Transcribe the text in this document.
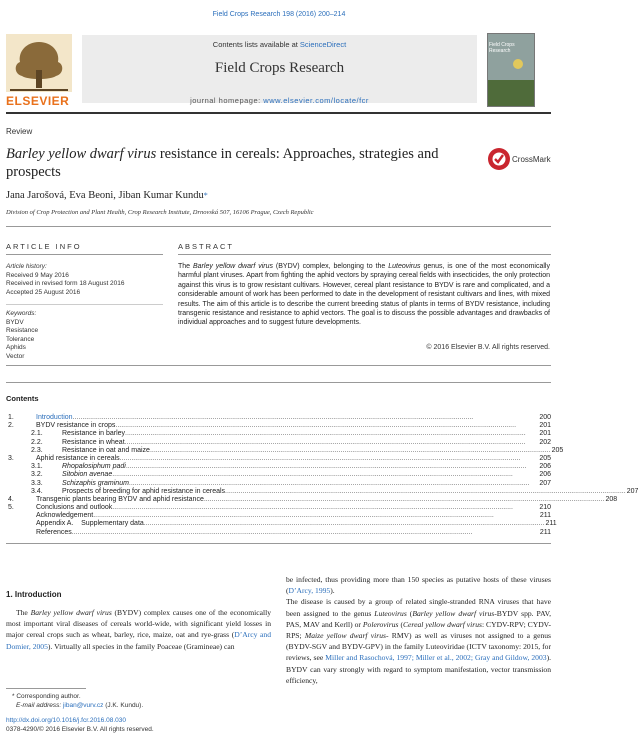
Field Crops Research 198 (2016) 200–214
ELSEVIER
Contents lists available at ScienceDirect
Field Crops Research
journal homepage: www.elsevier.com/locate/fcr
Field Crops Research
Review
Barley yellow dwarf virus resistance in cereals: Approaches, strategies and prospects
CrossMark
Jana Jarošová, Eva Beoni, Jiban Kumar Kundu*
Division of Crop Protection and Plant Health, Crop Research Institute, Drnovská 507, 16106 Prague, Czech Republic
ARTICLE INFO
Article history:
Received 9 May 2016
Received in revised form 18 August 2016
Accepted 25 August 2016
Keywords:
BYDV
Resistance
Tolerance
Aphids
Vector
ABSTRACT
The Barley yellow dwarf virus (BYDV) complex, belonging to the Luteovirus genus, is one of the most economically harmful plant viruses. Apart from fighting the aphid vectors by spraying cereal fields with insecticides, the only protection against this virus is to grow resistant cultivars. However, cereal plant resistance to BYDV is rare and complicated, and a considerable amount of work has been performed to date in the development of resistant cultivars and lines, with mixed results. The aim of this article is to describe the current breeding status of plants in terms of BYDV resistance, including transgenic resistance and resistance to aphid vectors. The goal is to discuss the possible advantages and drawbacks of individual approaches and to suggest future developments.
© 2016 Elsevier B.V. All rights reserved.
Contents
1.	Introduction ..............................................................................................................................................................................................................	200
2.	BYDV resistance in crops ..............................................................................................................................................................................................................	201
2.1.	Resistance in barley ..............................................................................................................................................................................................................	201
2.2.	Resistance in wheat ..............................................................................................................................................................................................................	202
2.3.	Resistance in oat and maize .............................................................................................................................................................................................................. 205
3.	Aphid resistance in cereals ..............................................................................................................................................................................................................	205
3.1.	Rhopalosiphum padi ..............................................................................................................................................................................................................	206
3.2.	Sitobion avenae ..............................................................................................................................................................................................................	206
3.3.	Schizaphis graminum ..............................................................................................................................................................................................................	207
3.4.	Prospects of breeding for aphid resistance in cereals .............................................................................................................................................................................................................. 207
4.	Transgenic plants bearing BYDV and aphid resistance .............................................................................................................................................................................................................. 208
5.	Conclusions and outlook ..............................................................................................................................................................................................................	210
Acknowledgement ..............................................................................................................................................................................................................	211
Appendix A.    Supplementary data .............................................................................................................................................................................................................. 211
References ..............................................................................................................................................................................................................	211
1. Introduction
The Barley yellow dwarf virus (BYDV) complex causes one of the economically most important viral diseases of cereals world-wide, with significant yield losses in major cereal crops such as wheat, barley, rice, maize, oat and rye-grass (D’Arcy and Domier, 2005). Virtually all species in the family Poaceae (Gramineae) can
be infected, thus providing more than 150 species as putative hosts of these viruses (D’Arcy, 1995).
The disease is caused by a group of related single-stranded RNA viruses that have been assigned to the genus Luteovirus (Barley yellow dwarf virus-BYDV spp. PAV, PAS, MAV and Kerll) or Polerovirus (Cereal yellow dwarf virus: CYDV-RPV; CYDV-RPS; Maize yellow dwarf virus- RMV) as well as viruses not assigned to a genus (BYDV-SGV and BYDV-GPV) in the family Luteoviridae (ICTV taxonomy: 2015, for reviews, see Miller and Rasochová, 1997; Miller et al., 2002; Gray and Gildow, 2003). BYDV can vary strongly with regard to symptom manifestation, vector transmission efficiency,
* Corresponding author.
E-mail address: jiban@vurv.cz (J.K. Kundu).
http://dx.doi.org/10.1016/j.fcr.2016.08.030
0378-4290/© 2016 Elsevier B.V. All rights reserved.
